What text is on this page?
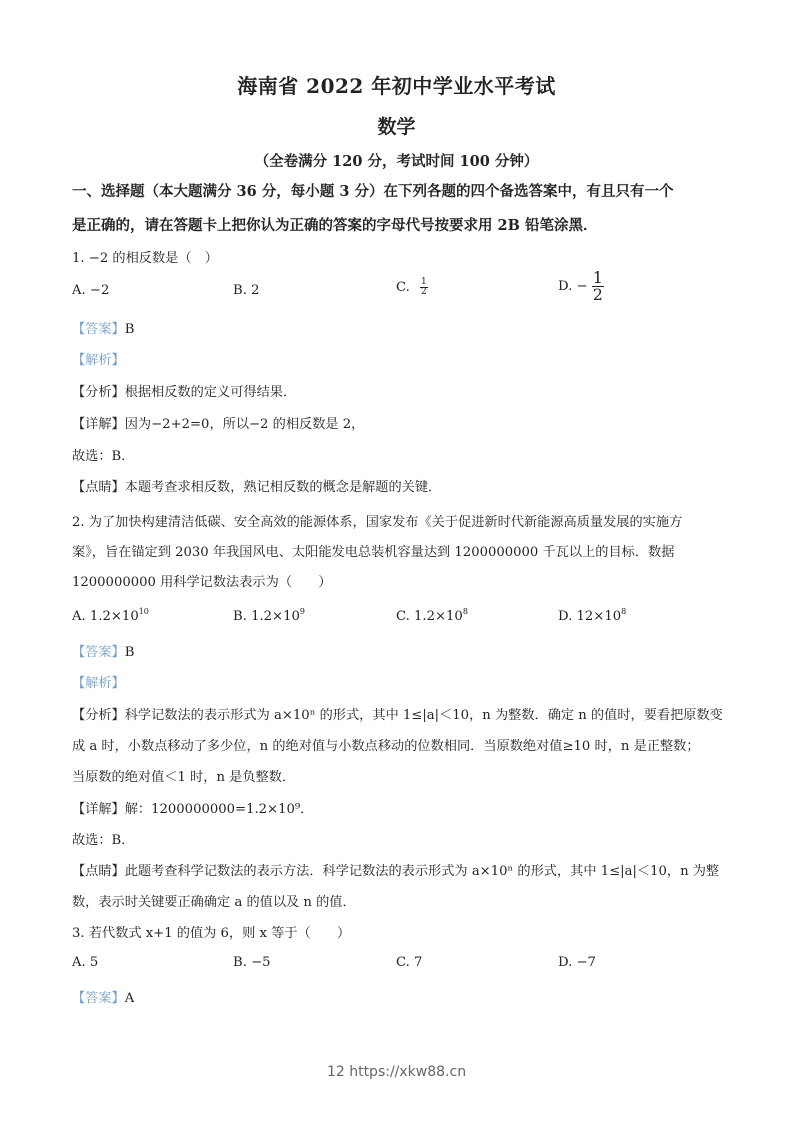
海南省 2022 年初中学业水平考试
数学
（全卷满分 120 分，考试时间 100 分钟）
一、选择题（本大题满分 36 分，每小题 3 分）在下列各题的四个备选答案中，有且只有一个
是正确的，请在答题卡上把你认为正确的答案的字母代号按要求用 2B 铅笔涂黑．
1. −2 的相反数是（　）
A. −2	B. 2	C. $\frac{1}{2}$	D. − $\frac{1}{2}$
【答案】B
【解析】
【分析】根据相反数的定义可得结果．
【详解】因为−2+2=0，所以−2 的相反数是 2，
故选：B．
【点睛】本题考查求相反数，熟记相反数的概念是解题的关键．
2. 为了加快构建清洁低碳、安全高效的能源体系，国家发布《关于促进新时代新能源高质量发展的实施方
案》，旨在锚定到 2030 年我国风电、太阳能发电总装机容量达到 1200000000 千瓦以上的目标．数据
1200000000 用科学记数法表示为（　　）
A. $1.2\times 10^{10}$	B. $1.2\times 10^9$	C. $1.2\times 10^8$	D. $12\times 10^8$
【答案】B
【解析】
【分析】科学记数法的表示形式为 a×10ⁿ 的形式，其中 1≤|a|＜10，n 为整数．确定 n 的值时，要看把原数变
成 a 时，小数点移动了多少位，n 的绝对值与小数点移动的位数相同．当原数绝对值≥10 时，n 是正整数；
当原数的绝对值＜1 时，n 是负整数．
【详解】解：1200000000=1.2×10⁹．
故选：B．
【点睛】此题考查科学记数法的表示方法．科学记数法的表示形式为 a×10ⁿ 的形式，其中 1≤|a|＜10，n 为整
数，表示时关键要正确确定 a 的值以及 n 的值．
3. 若代数式 x+1 的值为 6，则 x 等于（　　）
A. 5	B. −5	C. 7	D. −7
【答案】A
12 https://xkw88.cn
